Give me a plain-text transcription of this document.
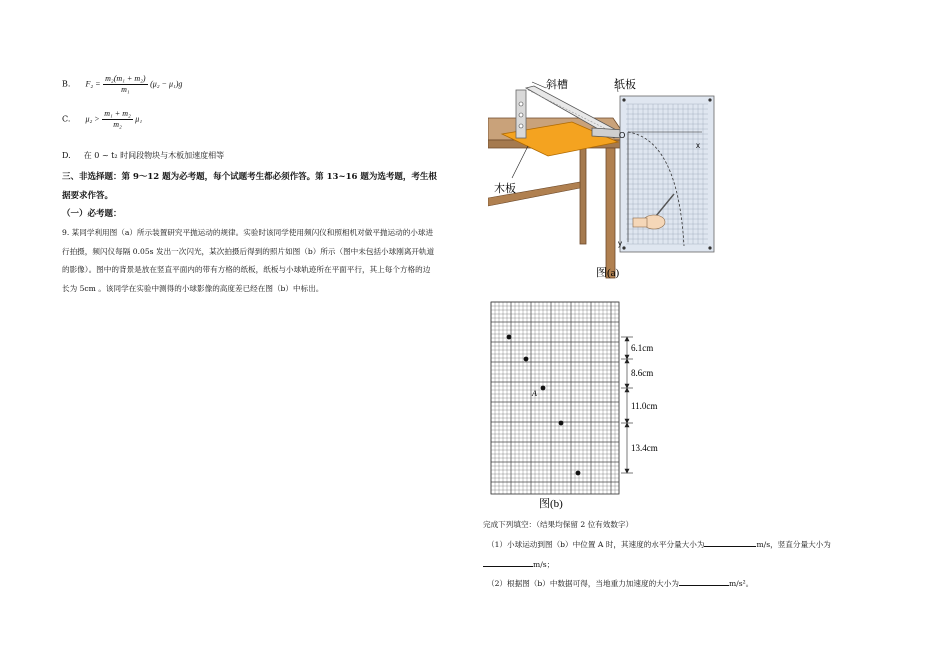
B. $F_2 = \frac{\text{m₂(m₁ + m₂)}}{\text{m₁}} (\mu_2 - \mu_1)g$
C. $\mu_2 > \frac{\text{m₁ + m₂}}{\text{m₂}} \mu_1$
D. 在 0 ~ t₂ 时间段物块与木板加速度相等
三、非选择题：第 9～12 题为必考题，每个试题考生都必须作答。第 13~16 题为选考题，考生根
据要求作答。
（一）必考题：
9. 某同学利用图（a）所示装置研究平抛运动的规律。实验时该同学使用频闪仪和照相机对做平抛运动的小球进
行拍摄，频闪仪每隔 0.05s 发出一次闪光，某次拍摄后得到的照片如图（b）所示（图中未包括小球刚离开轨道
的影像）。图中的背景是放在竖直平面内的带有方格的纸板，纸板与小球轨迹所在平面平行，其上每个方格的边
长为 5cm 。该同学在实验中测得的小球影像的高度差已经在图（b）中标出。
斜槽	纸板
木板
O
x
y
图(a)
A
6.1cm
8.6cm
11.0cm
13.4cm
图(b)
完成下列填空：（结果均保留 2 位有效数字）
（1）小球运动到图（b）中位置 A 时，其速度的水平分量大小为	m/s，竖直分量大小为
m/s；
（2）根据图（b）中数据可得，当地重力加速度的大小为	m/s²。
